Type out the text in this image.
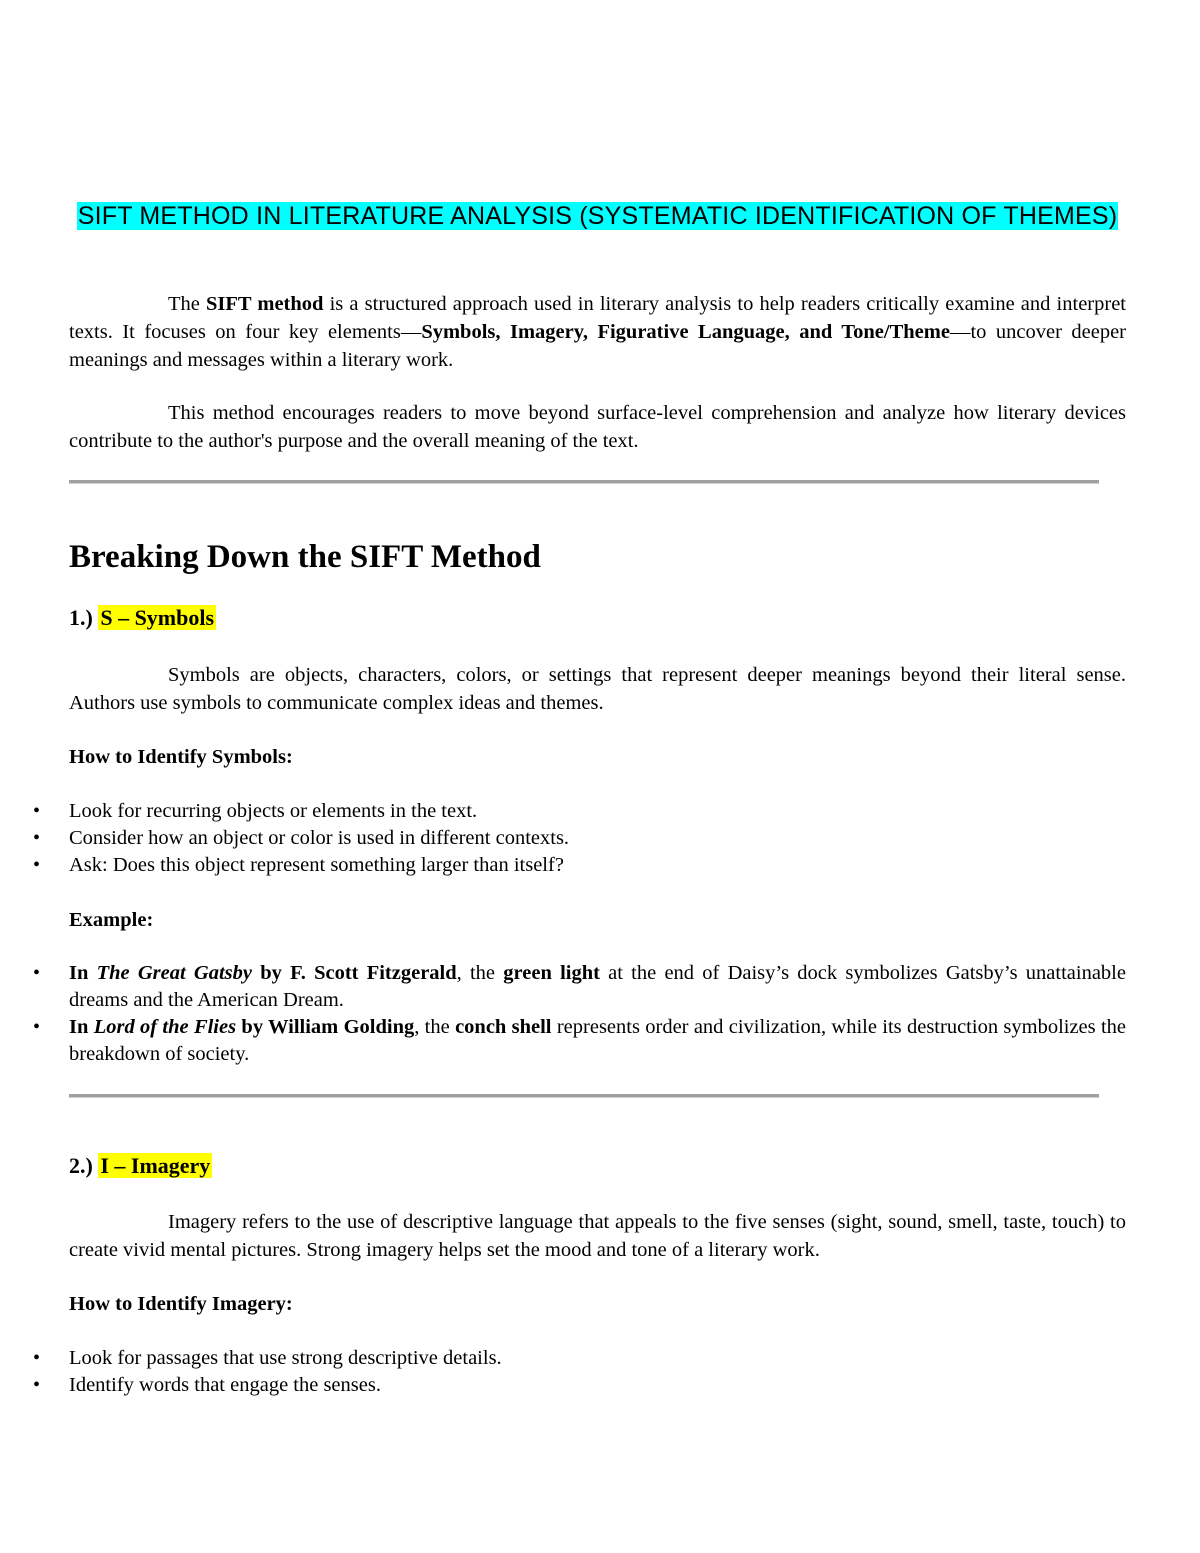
SIFT METHOD IN LITERATURE ANALYSIS (SYSTEMATIC IDENTIFICATION OF THEMES)

The SIFT method is a structured approach used in literary analysis to help readers critically examine and interpret texts. It focuses on four key elements—Symbols, Imagery, Figurative Language, and Tone/Theme—to uncover deeper meanings and messages within a literary work.

This method encourages readers to move beyond surface-level comprehension and analyze how literary devices contribute to the author's purpose and the overall meaning of the text.

Breaking Down the SIFT Method
1.) S – Symbols

Symbols are objects, characters, colors, or settings that represent deeper meanings beyond their literal sense. Authors use symbols to communicate complex ideas and themes.

How to Identify Symbols:

• Look for recurring objects or elements in the text.
• Consider how an object or color is used in different contexts.
• Ask: Does this object represent something larger than itself?

Example:

• In The Great Gatsby by F. Scott Fitzgerald, the green light at the end of Daisy’s dock symbolizes Gatsby’s unattainable dreams and the American Dream.
• In Lord of the Flies by William Golding, the conch shell represents order and civilization, while its destruction symbolizes the breakdown of society.
2.) I – Imagery

Imagery refers to the use of descriptive language that appeals to the five senses (sight, sound, smell, taste, touch) to create vivid mental pictures. Strong imagery helps set the mood and tone of a literary work.

How to Identify Imagery:

• Look for passages that use strong descriptive details.
• Identify words that engage the senses.
